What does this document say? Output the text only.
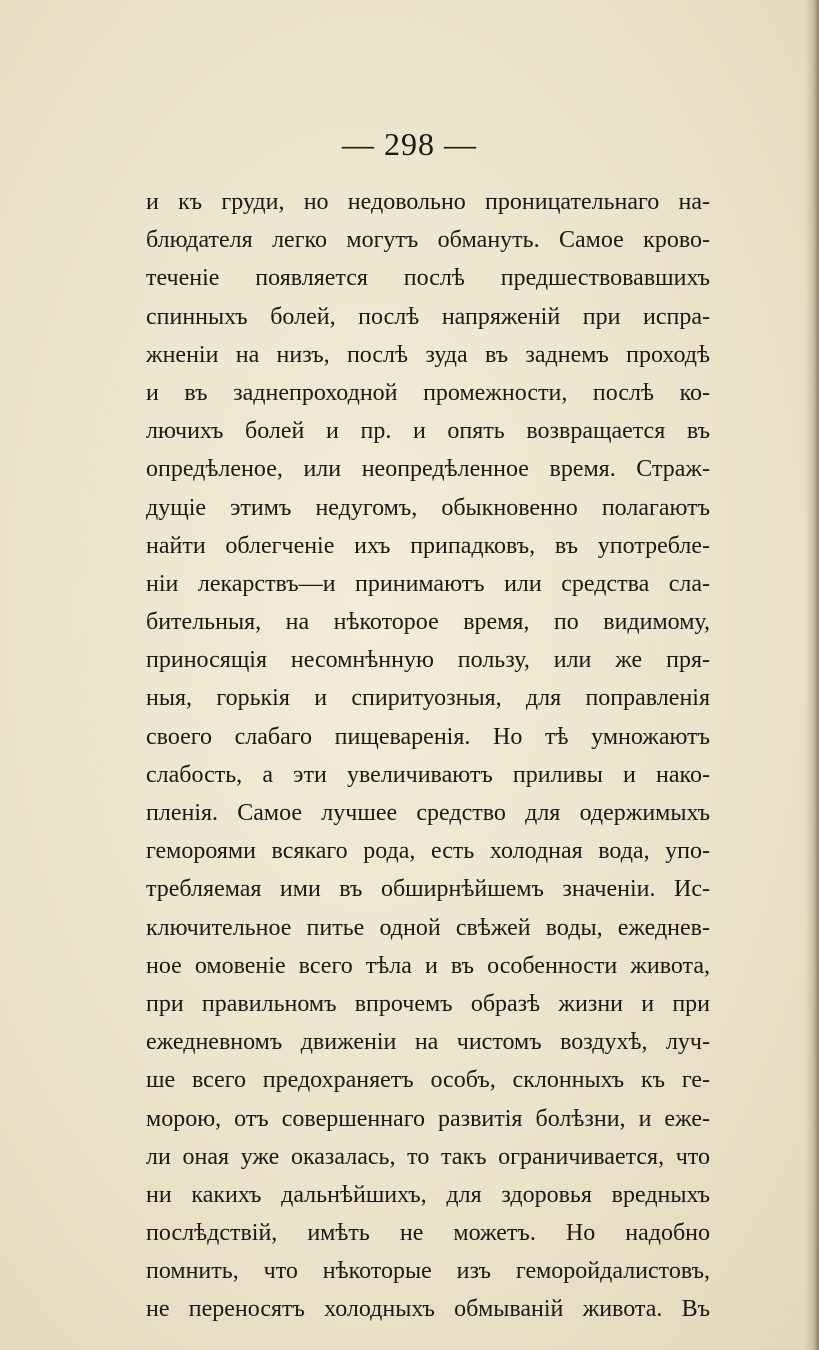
— 298 —
и къ груди, но недовольно проницательнаго на-
блюдателя легко могутъ обмануть. Самое крово-
теченіе появляется послѣ предшествовавшихъ
спинныхъ болей, послѣ напряженій при испра-
жненіи на низъ, послѣ зуда въ заднемъ проходѣ
и въ заднепроходной промежности, послѣ ко-
лючихъ болей и пр. и опять возвращается въ
опредѣленое, или неопредѣленное время. Страж-
дущіе этимъ недугомъ, обыкновенно полагаютъ
найти облегченіе ихъ припадковъ, въ употребле-
ніи лекарствъ—и принимаютъ или средства сла-
бительныя, на нѣкоторое время, по видимому,
приносящія несомнѣнную пользу, или же пря-
ныя, горькія и спиритуозныя, для поправленія
своего слабаго пищеваренія. Но тѣ умножаютъ
слабость, а эти увеличиваютъ приливы и нако-
пленія. Самое лучшее средство для одержимыхъ
гемороями всякаго рода, есть холодная вода, упо-
требляемая ими въ обширнѣйшемъ значеніи. Ис-
ключительное питье одной свѣжей воды, ежеднев-
ное омовеніе всего тѣла и въ особенности живота,
при правильномъ впрочемъ образѣ жизни и при
ежедневномъ движеніи на чистомъ воздухѣ, луч-
ше всего предохраняетъ особъ, склонныхъ къ ге-
морою, отъ совершеннаго развитія болѣзни, и еже-
ли оная уже оказалась, то такъ ограничивается, что
ни какихъ дальнѣйшихъ, для здоровья вредныхъ
послѣдствій, имѣть не можетъ. Но надобно
помнить, что нѣкоторые изъ геморойдалистовъ,
не переносятъ холодныхъ обмываній живота. Въ
